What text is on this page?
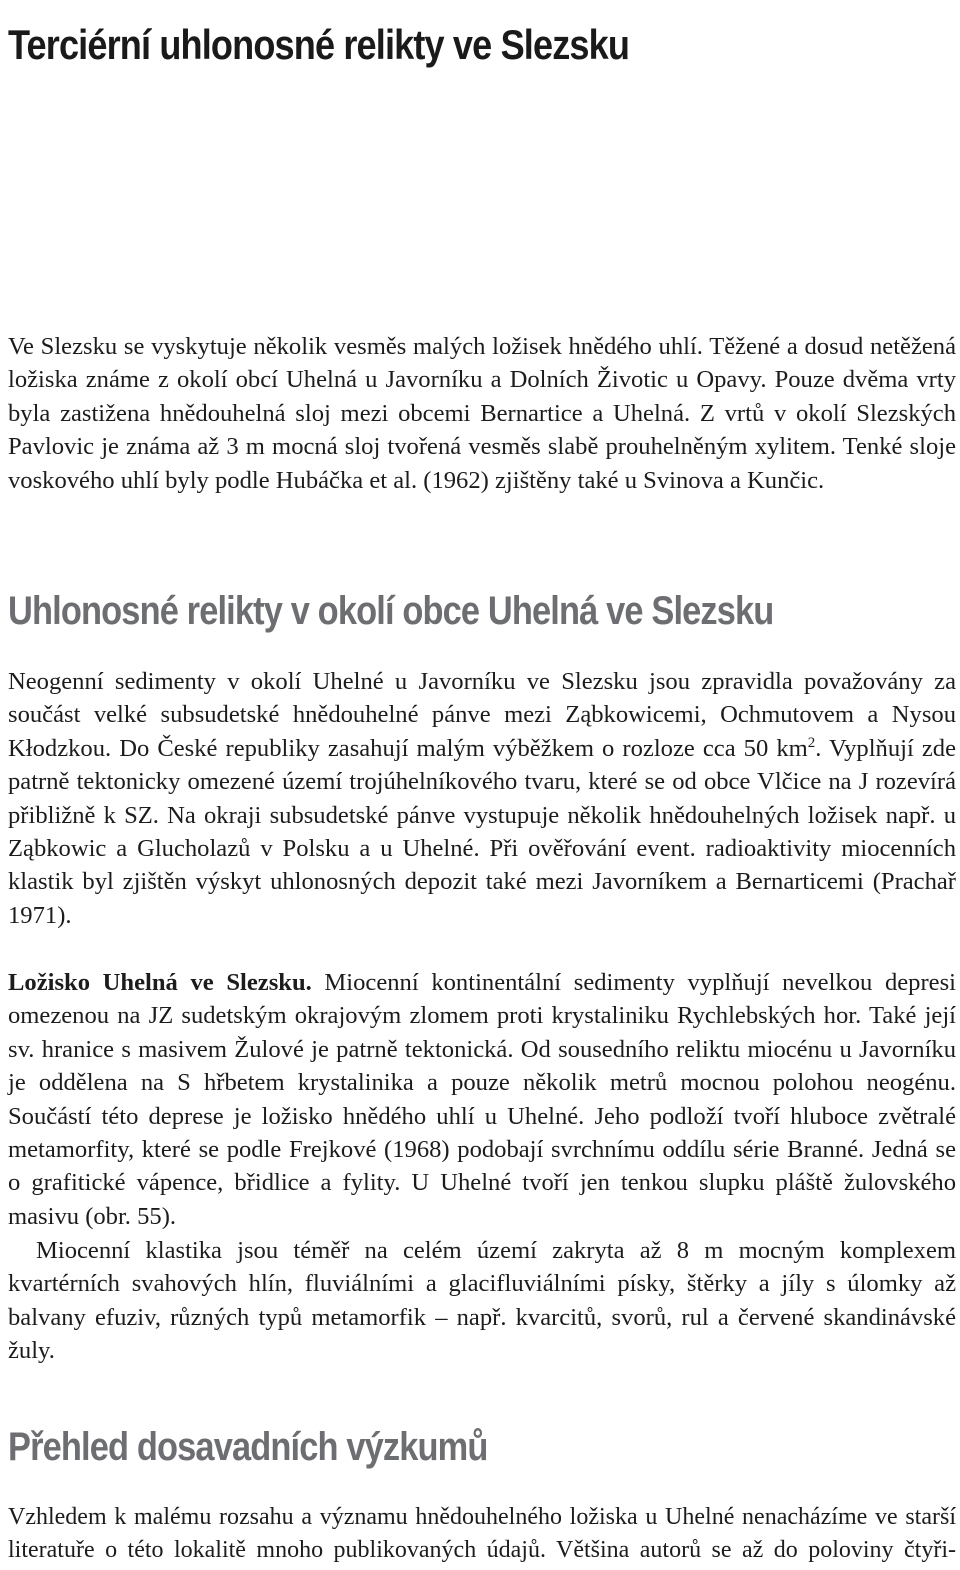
Terciérní uhlonosné relikty ve Slezsku

Ve Slezsku se vyskytuje několik vesměs malých ložisek hnědého uhlí. Těžené a dosud netěžená ložiska známe z okolí obcí Uhelná u Javorníku a Dolních Životic u Opavy. Pouze dvěma vrty byla zastižena hnědouhelná sloj mezi obcemi Bernartice a Uhelná. Z vrtů v okolí Slezských Pavlovic je známa až 3 m mocná sloj tvořená vesměs slabě prouhelněným xylitem. Tenké sloje voskového uhlí byly podle Hubáčka et al. (1962) zjištěny také u Svinova a Kunčic.

Uhlonosné relikty v okolí obce Uhelná ve Slezsku

Neogenní sedimenty v okolí Uhelné u Javorníku ve Slezsku jsou zpravidla považovány za součást velké subsudetské hnědouhelné pánve mezi Ząbkowicemi, Ochmutovem a Nysou Kłodzkou. Do České republiky zasahují malým výběžkem o rozloze cca 50 $km^2$. Vyplňují zde patrně tektonicky omezené území trojúhelníkového tvaru, které se od obce Vlčice na J rozevírá přibližně k SZ. Na okraji subsudetské pánve vystupuje několik hnědouhelných ložisek např. u Ząbkowic a Glucholazů v Polsku a u Uhelné. Při ověřování event. radioaktivity miocenních klastik byl zjištěn výskyt uhlonosných depozit také mezi Javorníkem a Bernarticemi (Prachař 1971).

Ložisko Uhelná ve Slezsku. Miocenní kontinentální sedimenty vyplňují nevelkou depresi omezenou na JZ sudetským okrajovým zlomem proti krystaliniku Rychlebských hor. Také její sv. hranice s masivem Žulové je patrně tektonická. Od sousedního reliktu miocénu u Javorníku je oddělena na S hřbetem krystalinika a pouze několik metrů mocnou polohou neogénu. Součástí této deprese je ložisko hnědého uhlí u Uhelné. Jeho podloží tvoří hluboce zvětralé metamorfity, které se podle Frejkové (1968) podobají svrchnímu oddílu série Branné. Jedná se o grafitické vápence, břidlice a fylity. U Uhelné tvoří jen tenkou slupku pláště žulovského masivu (obr. 55).

Miocenní klastika jsou téměř na celém území zakryta až 8 m mocným komplexem kvartérních svahových hlín, fluviálními a glacifluviálními písky, štěrky a jíly s úlomky až balvany efuziv, různých typů metamorfik – např. kvarcitů, svorů, rul a červené skandinávské žuly.

Přehled dosavadních výzkumů
Vzhledem k malému rozsahu a významu hnědouhelného ložiska u Uhelné nenacházíme ve starší
literatuře o této lokalitě mnoho publikovaných údajů. Většina autorů se až do poloviny čtyři-
